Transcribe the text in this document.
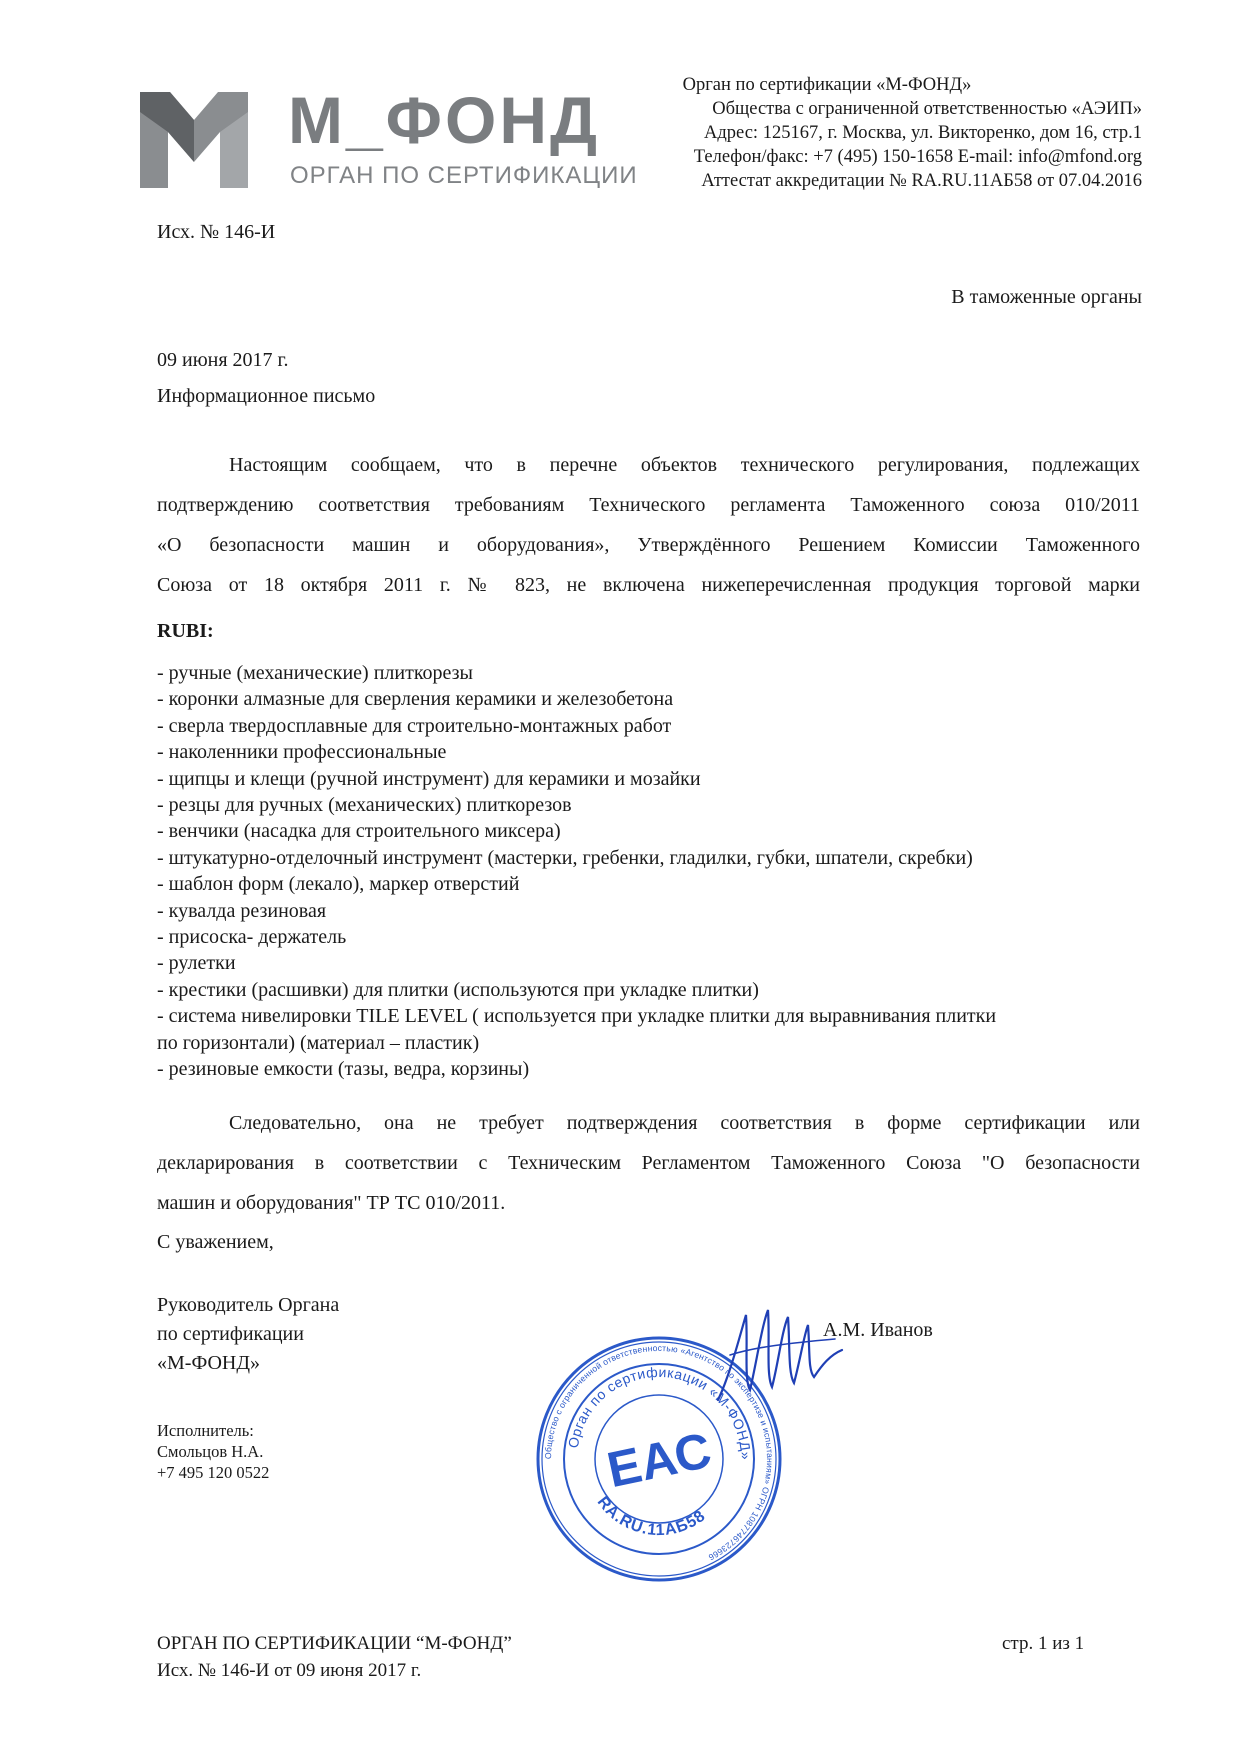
М_ФОНД
ОРГАН ПО СЕРТИФИКАЦИИ
Орган по сертификации «М-ФОНД»
Общества с ограниченной ответственностью «АЭИП»
Адрес: 125167, г. Москва, ул. Викторенко, дом 16, стр.1
Телефон/факс: +7 (495) 150-1658 E-mail: info@mfond.org
Аттестат аккредитации № RA.RU.11АБ58 от 07.04.2016
Исх. № 146-И
В таможенные органы
09 июня 2017 г.
Информационное письмо
Настоящим сообщаем, что в перечне объектов технического регулирования, подлежащих
подтверждению соответствия требованиям Технического регламента Таможенного союза 010/2011
«О безопасности машин и оборудования», Утверждённого Решением Комиссии Таможенного
Союза от 18 октября 2011 г. № 823, не включена нижеперечисленная продукция торговой марки
RUBI:
- ручные (механические) плиткорезы
- коронки алмазные для сверления керамики и железобетона
- сверла твердосплавные для строительно-монтажных работ
- наколенники профессиональные
- щипцы и клещи (ручной инструмент) для керамики и мозайки
- резцы для ручных (механических) плиткорезов
- венчики (насадка для строительного миксера)
- штукатурно-отделочный инструмент (мастерки, гребенки, гладилки, губки, шпатели, скребки)
- шаблон форм (лекало), маркер отверстий
- кувалда резиновая
- присоска- держатель
- рулетки
- крестики (расшивки) для плитки (используются при укладке плитки)
- система нивелировки TILE LEVEL ( используется при укладке плитки для выравнивания плитки
по горизонтали) (материал – пластик)
- резиновые емкости (тазы, ведра, корзины)
Следовательно, она не требует подтверждения соответствия в форме сертификации или
декларирования в соответствии с Техническим Регламентом Таможенного Союза "О безопасности
машин и оборудования" ТР ТС 010/2011.
С уважением,
Руководитель Органа
по сертификации
«М-ФОНД»
А.М. Иванов
Исполнитель:
Смольцов Н.А.
+7 495 120 0522
Общество с ограниченной ответственностью «Агентство по экспертизе и испытаниям» ОГРН 1087746723666
Орган по сертификации «М-ФОНД»
RA.RU.11АБ58
ЕАС
ОРГАН ПО СЕРТИФИКАЦИИ “М-ФОНД”
Исх. № 146-И от 09 июня 2017 г.
стр. 1 из 1
